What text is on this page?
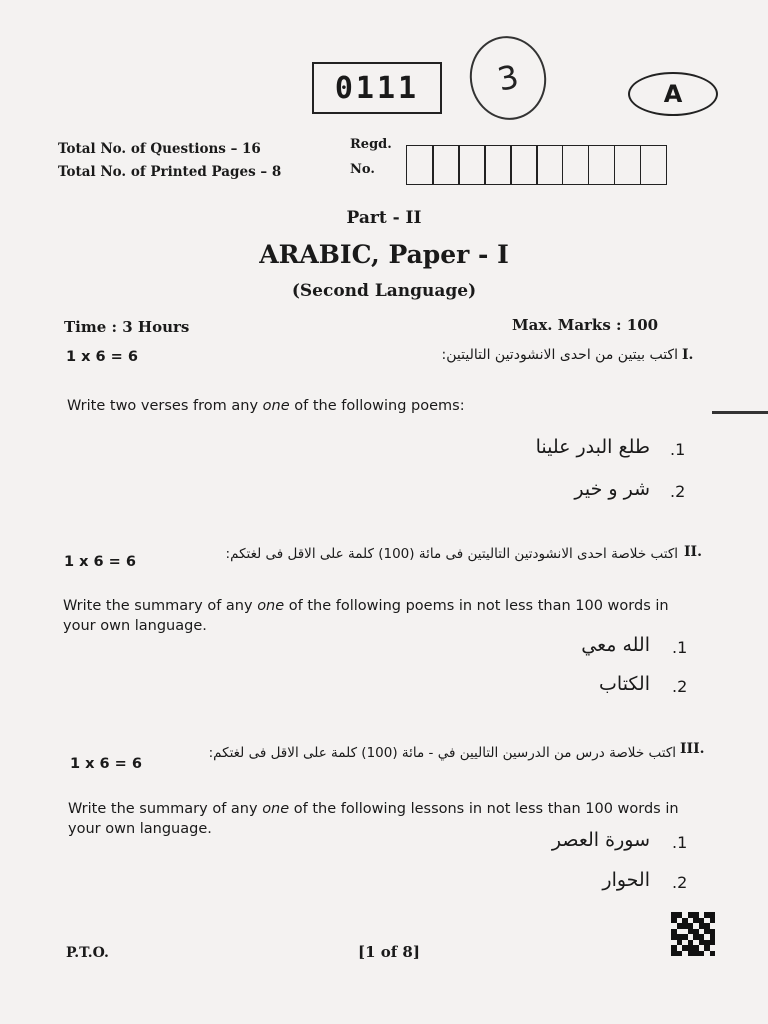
0111	3	A
Total No. of Questions – 16
Total No. of Printed Pages – 8
Regd.
No.
Part - II
ARABIC, Paper - I
(Second Language)
Time : 3 Hours	Max. Marks : 100
1 x 6 = 6	اكتب بيتين من احدى الانشودتين التاليتين: I.
Write two verses from any one of the following poems:
طلع البدر علينا .1
شر و خير .2
1 x 6 = 6	اكتب خلاصة احدى الانشودتين التاليتين فى مائة (100) كلمة على الاقل فى لغتكم: II.
Write the summary of any one of the following poems in not less than 100 words in your own language.
الله معي .1
الكتاب .2
1 x 6 = 6
اكتب خلاصة درس من الدرسين التاليين في - مائة (100) كلمة على الاقل فى لغتكم: III.
Write the summary of any one of the following lessons in not less than 100 words in your own language.	سورة العصر .1
الحوار .2
P.T.O.	[1 of 8]
